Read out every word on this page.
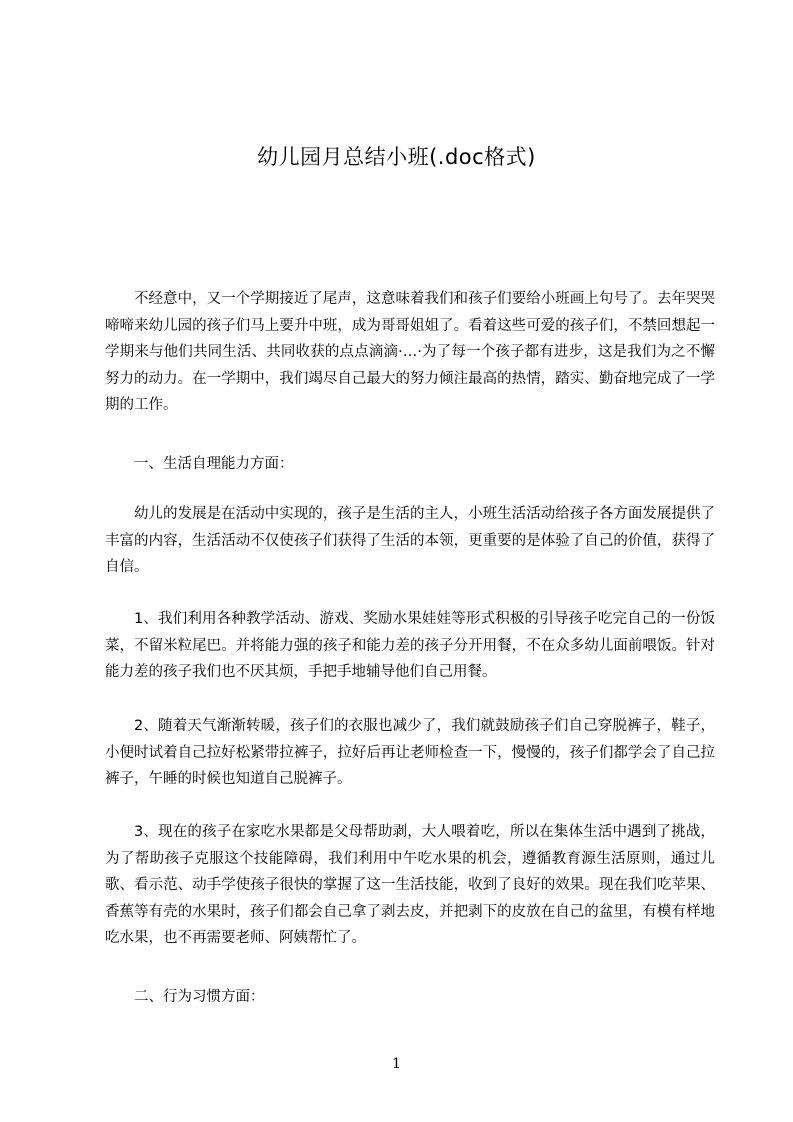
幼儿园月总结小班(.doc格式)
不经意中，又一个学期接近了尾声，这意味着我们和孩子们要给小班画上句号了。去年哭哭啼啼来幼儿园的孩子们马上要升中班，成为哥哥姐姐了。看着这些可爱的孩子们，不禁回想起一学期来与他们共同生活、共同收获的点点滴滴·…·为了每一个孩子都有进步，这是我们为之不懈努力的动力。在一学期中，我们竭尽自己最大的努力倾注最高的热情，踏实、勤奋地完成了一学期的工作。
一、生活自理能力方面：
幼儿的发展是在活动中实现的，孩子是生活的主人，小班生活活动给孩子各方面发展提供了丰富的内容，生活活动不仅使孩子们获得了生活的本领，更重要的是体验了自己的价值，获得了自信。
1、我们利用各种教学活动、游戏、奖励水果娃娃等形式积极的引导孩子吃完自己的一份饭菜，不留米粒尾巴。并将能力强的孩子和能力差的孩子分开用餐，不在众多幼儿面前喂饭。针对能力差的孩子我们也不厌其烦，手把手地辅导他们自己用餐。
2、随着天气渐渐转暖，孩子们的衣服也减少了，我们就鼓励孩子们自己穿脱裤子，鞋子，小便时试着自己拉好松紧带拉裤子，拉好后再让老师检查一下，慢慢的，孩子们都学会了自己拉裤子，午睡的时候也知道自己脱裤子。
3、现在的孩子在家吃水果都是父母帮助剥，大人喂着吃，所以在集体生活中遇到了挑战，为了帮助孩子克服这个技能障碍，我们利用中午吃水果的机会，遵循教育源生活原则，通过儿歌、看示范、动手学使孩子很快的掌握了这一生活技能，收到了良好的效果。现在我们吃苹果、香蕉等有壳的水果时，孩子们都会自己拿了剥去皮，并把剥下的皮放在自己的盆里，有模有样地吃水果，也不再需要老师、阿姨帮忙了。
二、行为习惯方面：
1
